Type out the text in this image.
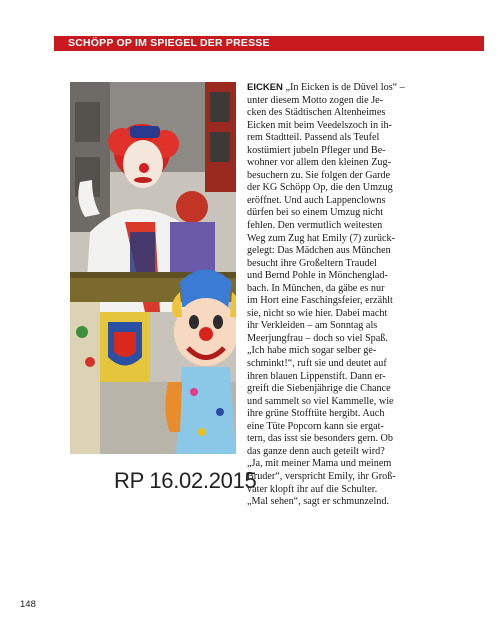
SCHÖPP OP IM SPIEGEL DER PRESSE
EICKEN „In Eicken is de Düvel los“ –
unter diesem Motto zogen die Je-
cken des Städtischen Altenheimes
Eicken mit beim Veedelszoch in ih-
rem Stadtteil. Passend als Teufel
kostümiert jubeln Pfleger und Be-
wohner vor allem den kleinen Zug-
besuchern zu. Sie folgen der Garde
der KG Schöpp Op, die den Umzug
eröffnet. Und auch Lappenclowns
dürfen bei so einem Umzug nicht
fehlen. Den vermutlich weitesten
Weg zum Zug hat Emily (7) zurück-
gelegt: Das Mädchen aus München
besucht ihre Großeltern Traudel
und Bernd Pohle in Mönchenglad-
bach. In München, da gäbe es nur
im Hort eine Faschingsfeier, erzählt
sie, nicht so wie hier. Dabei macht
ihr Verkleiden – am Sonntag als
Meerjungfrau – doch so viel Spaß.
„Ich habe mich sogar selber ge-
schminkt!“, ruft sie und deutet auf
ihren blauen Lippenstift. Dann er-
greift die Siebenjährige die Chance
und sammelt so viel Kammelle, wie
ihre grüne Stofftüte hergibt. Auch
eine Tüte Popcorn kann sie ergat-
tern, das isst sie besonders gern. Ob
das ganze denn auch geteilt wird?
„Ja, mit meiner Mama und meinem
Bruder“, verspricht Emily, ihr Groß-
vater klopft ihr auf die Schulter.
„Mal sehen“, sagt er schmunzelnd.
RP 16.02.2015
148
